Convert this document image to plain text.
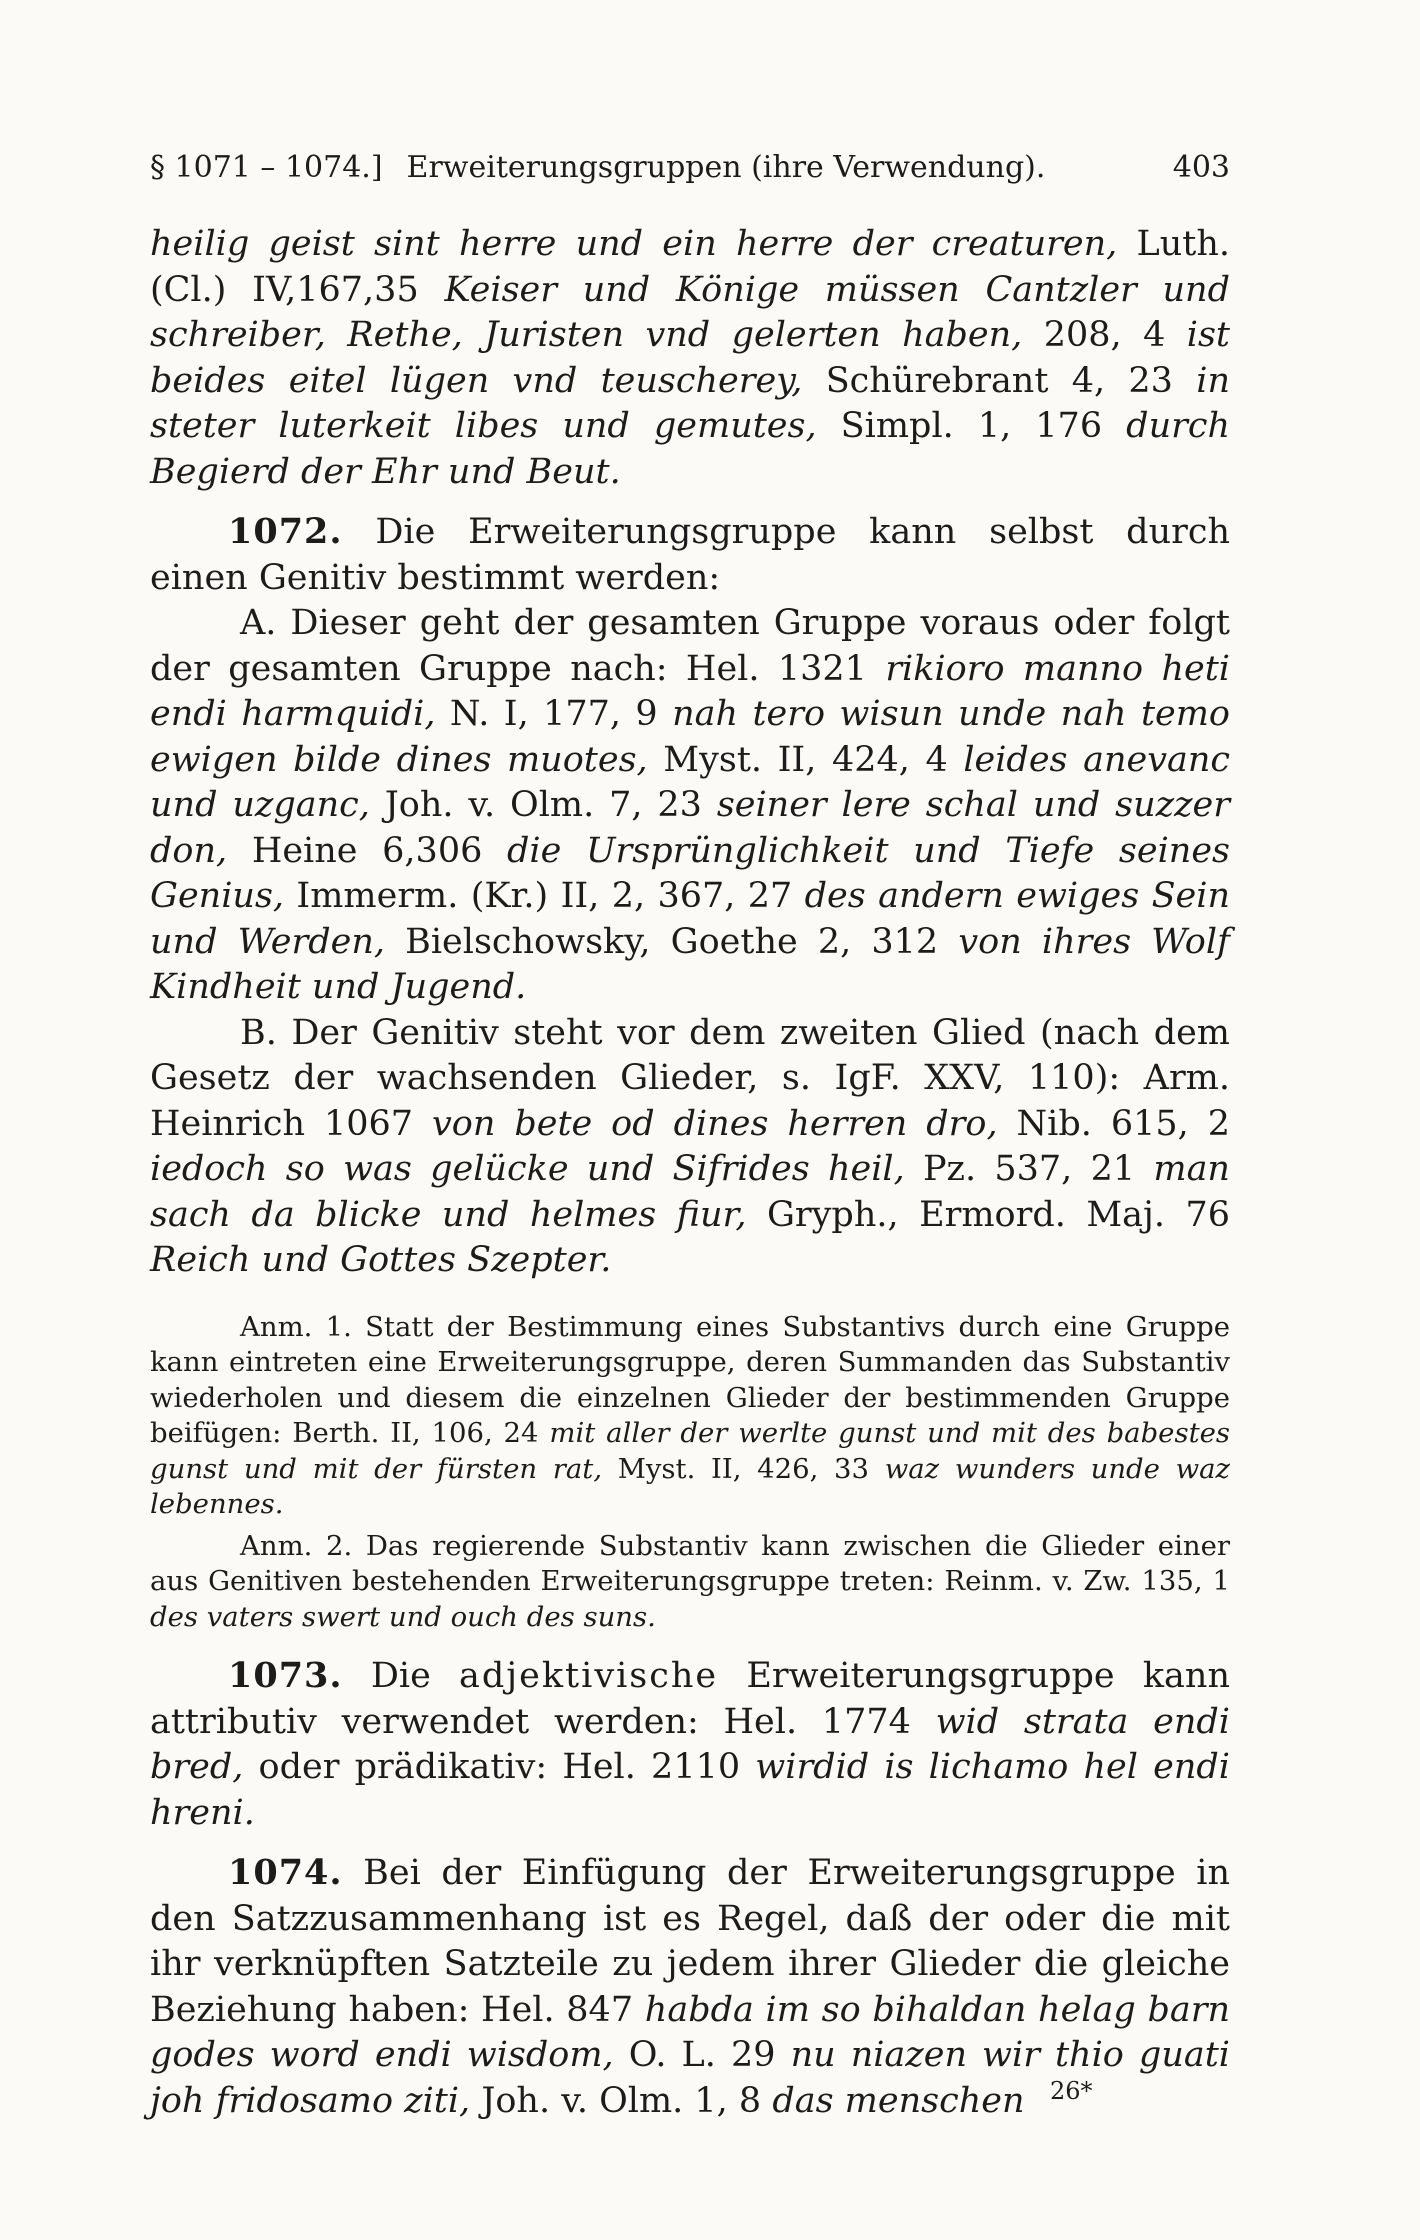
§ 1071 – 1074.] Erweiterungsgruppen (ihre Verwendung).	403

heilig geist sint herre und ein herre der creaturen, Luth. (Cl.) IV,167,35 Keiser und Könige müssen Cantzler und schreiber, Rethe, Juristen vnd gelerten haben, 208, 4 ist beides eitel lügen vnd teuscherey, Schürebrant 4, 23 in steter luterkeit libes und gemutes, Simpl. 1, 176 durch Begierd der Ehr und Beut.

1072. Die Erweiterungsgruppe kann selbst durch einen Genitiv bestimmt werden:

A. Dieser geht der gesamten Gruppe voraus oder folgt der gesamten Gruppe nach: Hel. 1321 rikioro manno heti endi harmquidi, N. I, 177, 9 nah tero wisun unde nah temo ewigen bilde dines muotes, Myst. II, 424, 4 leides anevanc und uzganc, Joh. v. Olm. 7, 23 seiner lere schal und suzzer don, Heine 6,306 die Ursprünglichkeit und Tiefe seines Genius, Immerm. (Kr.) II, 2, 367, 27 des andern ewiges Sein und Werden, Bielschowsky, Goethe 2, 312 von ihres Wolf Kindheit und Jugend.

B. Der Genitiv steht vor dem zweiten Glied (nach dem Gesetz der wachsenden Glieder, s. IgF. XXV, 110): Arm. Heinrich 1067 von bete od dines herren dro, Nib. 615, 2 iedoch so was gelücke und Sifrides heil, Pz. 537, 21 man sach da blicke und helmes fiur, Gryph., Ermord. Maj. 76 Reich und Gottes Szepter.

Anm. 1. Statt der Bestimmung eines Substantivs durch eine Gruppe kann eintreten eine Erweiterungsgruppe, deren Summanden das Substantiv wiederholen und diesem die einzelnen Glieder der bestimmenden Gruppe beifügen: Berth. II, 106, 24 mit aller der werlte gunst und mit des babestes gunst und mit der fürsten rat, Myst. II, 426, 33 waz wunders unde waz lebennes.

Anm. 2. Das regierende Substantiv kann zwischen die Glieder einer aus Genitiven bestehenden Erweiterungsgruppe treten: Reinm. v. Zw. 135, 1 des vaters swert und ouch des suns.

1073. Die adjektivische Erweiterungsgruppe kann attributiv verwendet werden: Hel. 1774 wid strata endi bred, oder prädikativ: Hel. 2110 wirdid is lichamo hel endi hreni.

1074. Bei der Einfügung der Erweiterungsgruppe in den Satzzusammenhang ist es Regel, daß der oder die mit ihr verknüpften Satzteile zu jedem ihrer Glieder die gleiche Beziehung haben: Hel. 847 habda im so bihaldan helag barn godes word endi wisdom, O. L. 29 nu niazen wir thio guati joh fridosamo ziti, Joh. v. Olm. 1, 8 das menschen	26*
